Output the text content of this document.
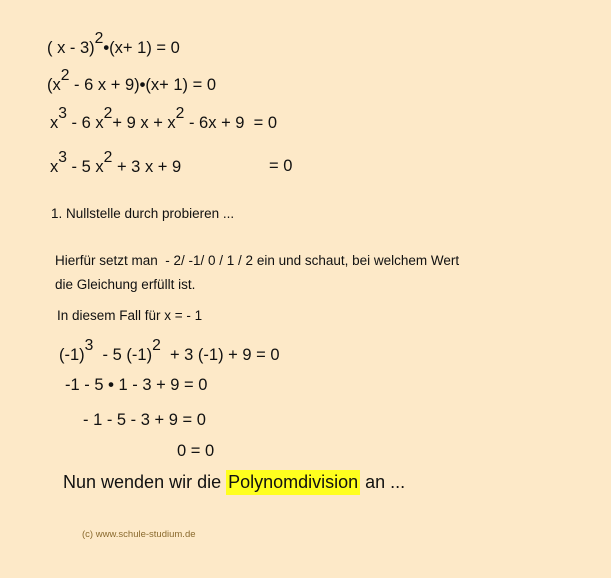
( x - 3)$^2$•(x+ 1) = 0
($x^2 - 6$ x + 9)•(x+ 1) = 0
$x^3 - 6$ $x^2+ 9$ $x + x^2 - 6x + 9 = 0$
$x^3 - 5$ $x^2 + 3$ x + 9	= 0
1. Nullstelle durch probieren ...
Hierfür setzt man  - 2/ -1/ 0 / 1 / 2 ein und schaut, bei welchem Wert
die Gleichung erfüllt ist.
In diesem Fall für x = - 1
$(-1)^3 - 5$ $(-1)^2 + 3$ (-1) + 9 = 0
-1 - 5 • 1 - 3 + 9 = 0
- 1 - 5 - 3 + 9 = 0
0 = 0
Nun wenden wir die Polynomdivision an ...
(c) www.schule-studium.de
